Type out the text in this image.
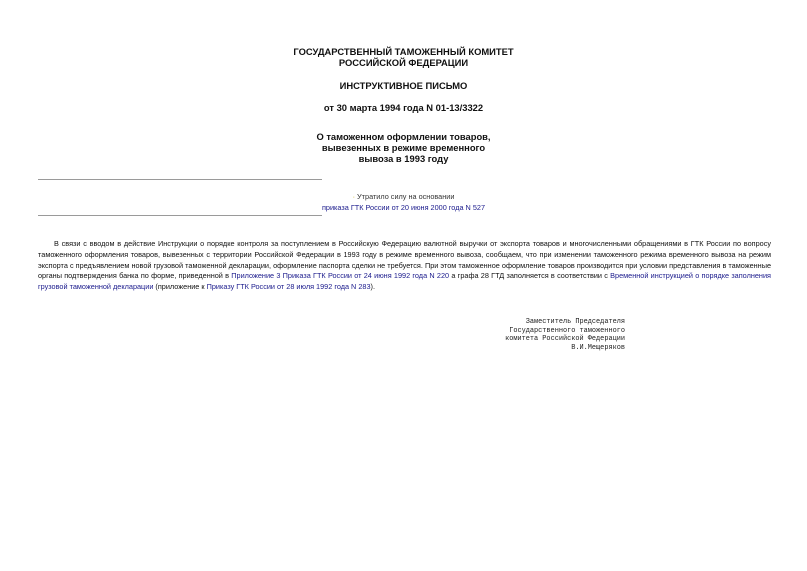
ГОСУДАРСТВЕННЫЙ ТАМОЖЕННЫЙ КОМИТЕТ
РОССИЙСКОЙ ФЕДЕРАЦИИ
ИНСТРУКТИВНОЕ ПИСЬМО
от 30 марта 1994 года N 01-13/3322
О таможенном оформлении товаров,
вывезенных в режиме временного
вывоза в 1993 году
· Утратило силу на основании
приказа ГТК России от 20 июня 2000 года N 527
В связи с вводом в действие Инструкции о порядке контроля за поступлением в Российскую Федерацию валютной выручки от экспорта товаров и многочисленными обращениями в ГТК России по вопросу таможенного оформления товаров, вывезенных с территории Российской Федерации в 1993 году в режиме временного вывоза, сообщаем, что при изменении таможенного режима временного вывоза на режим экспорта с предъявлением новой грузовой таможенной декларации, оформление паспорта сделки не требуется. При этом таможенное оформление товаров производится при условии представления в таможенные органы подтверждения банка по форме, приведенной в Приложение 3 Приказа ГТК России от 24 июня 1992 года N 220 а графа 28 ГТД заполняется в соответствии с Временной инструкцией о порядке заполнения грузовой таможенной декларации (приложение к Приказу ГТК России от 28 июля 1992 года N 283).
Заместитель Председателя
Государственного таможенного
комитета Российской Федерации
В.И.Мещеряков
